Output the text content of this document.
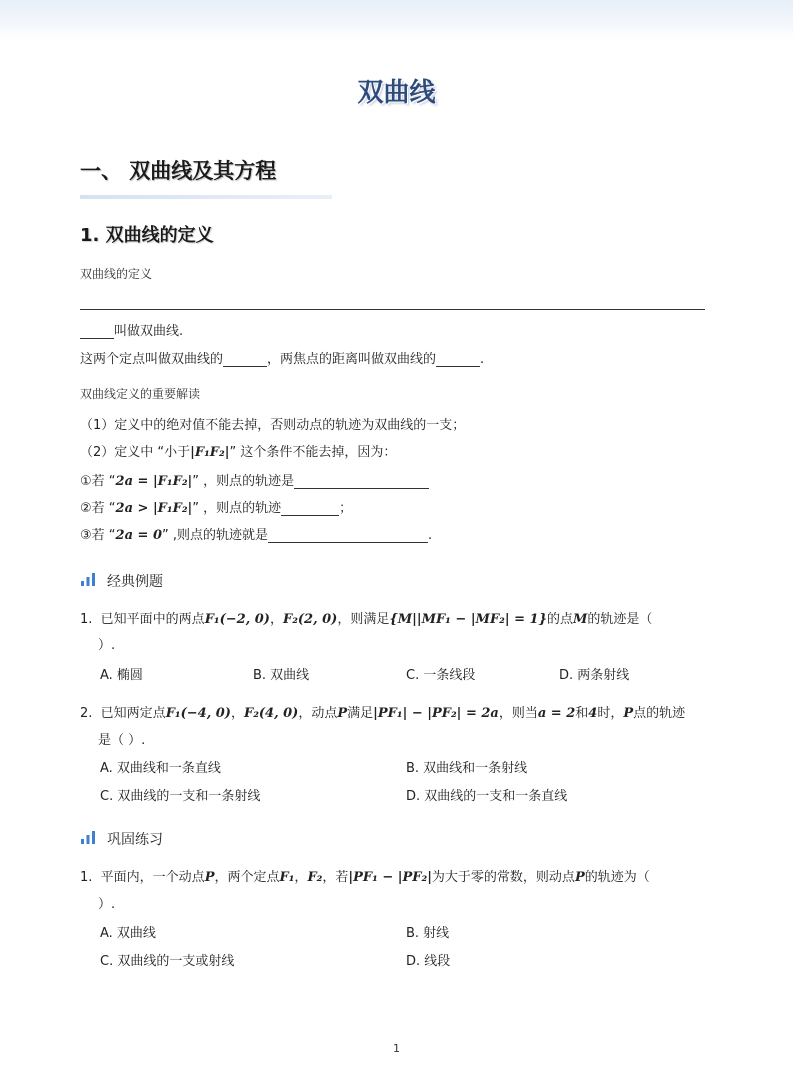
双曲线
一、 双曲线及其方程
1. 双曲线的定义
双曲线的定义
叫做双曲线.
这两个定点叫做双曲线的	，两焦点的距离叫做双曲线的	.
双曲线定义的重要解读
（1）定义中的绝对值不能去掉，否则动点的轨迹为双曲线的一支；
（2）定义中 “小于|F₁F₂|” 这个条件不能去掉，因为：
①若 “2a = |F₁F₂|” ，则点的轨迹是
②若 “2a > |F₁F₂|” ，则点的轨迹	；
③若 “2a = 0” ,则点的轨迹就是	.
经典例题
1. 已知平面中的两点F₁(−2, 0)，F₂(2, 0)，则满足{M||MF₁ − |MF₂| = 1}的点M的轨迹是（
）.
A. 椭圆	B. 双曲线	C. 一条线段	D. 两条射线
2. 已知两定点F₁(−4, 0)，F₂(4, 0)，动点P满足|PF₁| − |PF₂| = 2a，则当a = 2和4时，P点的轨迹
是（ ）.
A. 双曲线和一条直线	B. 双曲线和一条射线
C. 双曲线的一支和一条射线	D. 双曲线的一支和一条直线
巩固练习
1. 平面内，一个动点P，两个定点F₁，F₂，若|PF₁ − |PF₂|为大于零的常数，则动点P的轨迹为（
）.
A. 双曲线	B. 射线
C. 双曲线的一支或射线	D. 线段
1
